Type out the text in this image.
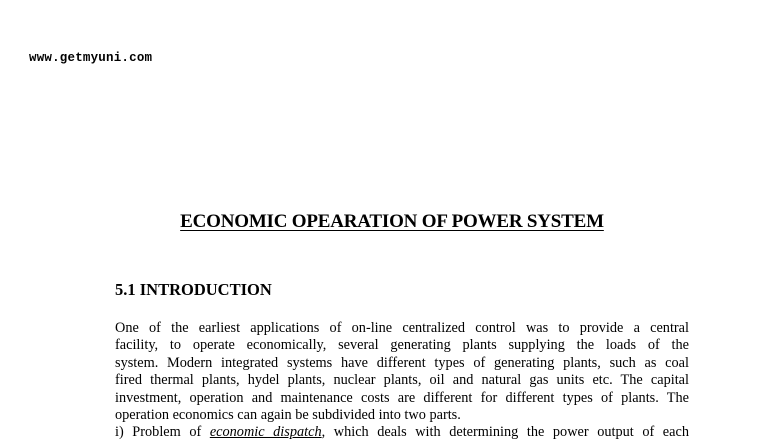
www.getmyuni.com
ECONOMIC OPEARATION OF POWER SYSTEM
5.1 INTRODUCTION
One of the earliest applications of on-line centralized control was to provide a central
facility, to operate economically, several generating plants supplying the loads of the
system. Modern integrated systems have different types of generating plants, such as coal
fired thermal plants, hydel plants, nuclear plants, oil and natural gas units etc. The capital
investment, operation and maintenance costs are different for different types of plants. The
operation economics can again be subdivided into two parts.
i) Problem of economic dispatch, which deals with determining the power output of each
